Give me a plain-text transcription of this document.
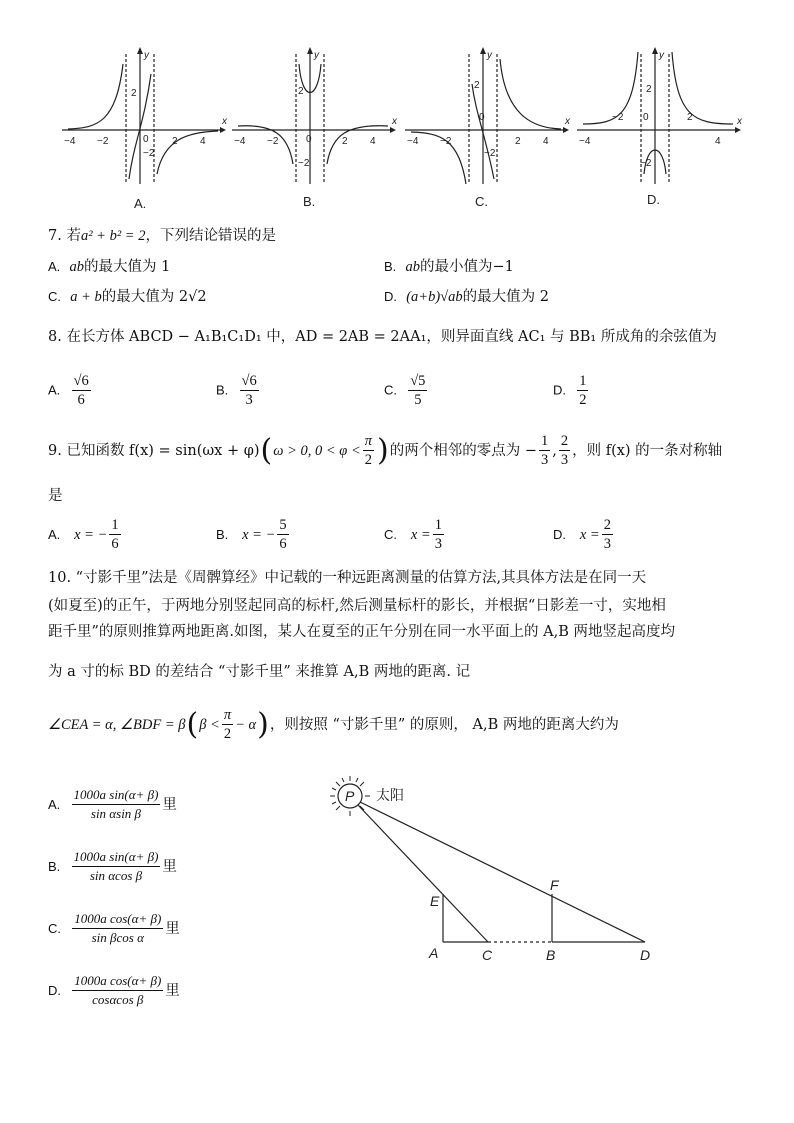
−4 −2	2 4
0
2
−2
x
y
−4 −2	2 4
0
2
−2
x
y
−4 −2	2 4
0
2
−2
x
y
−4
−2	2
4
0
2
−2
x
y
A.	B.	C.	D.
7. 若a² + b² = 2，下列结论错误的是
A. ab的最大值为 1	B. ab的最小值为−1
C. a + b的最大值为 2√2	D. (a+b)√ab的最大值为 2
8. 在长方体 ABCD − A₁B₁C₁D₁ 中，AD = 2AB = 2AA₁，则异面直线 AC₁ 与 BB₁ 所成角的余弦值为
A. $\frac{√6}{6}$	B. $\frac{√6}{3}$	C. $\frac{√5}{5}$	D. $\frac{1}{2}$
9. 已知函数 f(x) = sin(ωx + φ) ( ω > 0, $0 < \varphi < \frac{\pi}{2}$ ) 的两个相邻的零点为 − $\frac{1}{3}$ , $\frac{2}{3}$ ，则 f(x) 的一条对称轴
是
A.
x = − $\frac{1}{6}$	B.
x = − $\frac{5}{6}$	C.
$x = \frac{1}{3}$	D.
$x = \frac{2}{3}$
10. “寸影千里”法是《周髀算经》中记载的一种远距离测量的估算方法,其具体方法是在同一天
(如夏至)的正午，于两地分别竖起同高的标杆,然后测量标杆的影长，并根据“日影差一寸，实地相
距千里”的原则推算两地距离.如图，某人在夏至的正午分别在同一水平面上的 A,B 两地竖起高度均
为 a 寸的标 BD 的差结合 “寸影千里” 来推算 A,B 两地的距离. 记
∠CEA = α, ∠BDF = β ( $\beta < \frac{\pi}{2} - \alpha$ ) ，则按照 “寸影千里” 的原则， A,B 两地的距离大约为
A.
$\frac{\text{1000a sin(α+ β)}}{\text{sin αsin β}}$ 里
B.
$\frac{\text{1000a sin(α+ β)}}{\text{sin αcos β}}$ 里
C.
$\frac{\text{1000a cos(α+ β)}}{\text{sin βcos α}}$ 里
D.
$\frac{\text{1000a cos(α+ β)}}{\text{cosαcos β}}$ 里
P
E
F
A	C	B	D
太阳
